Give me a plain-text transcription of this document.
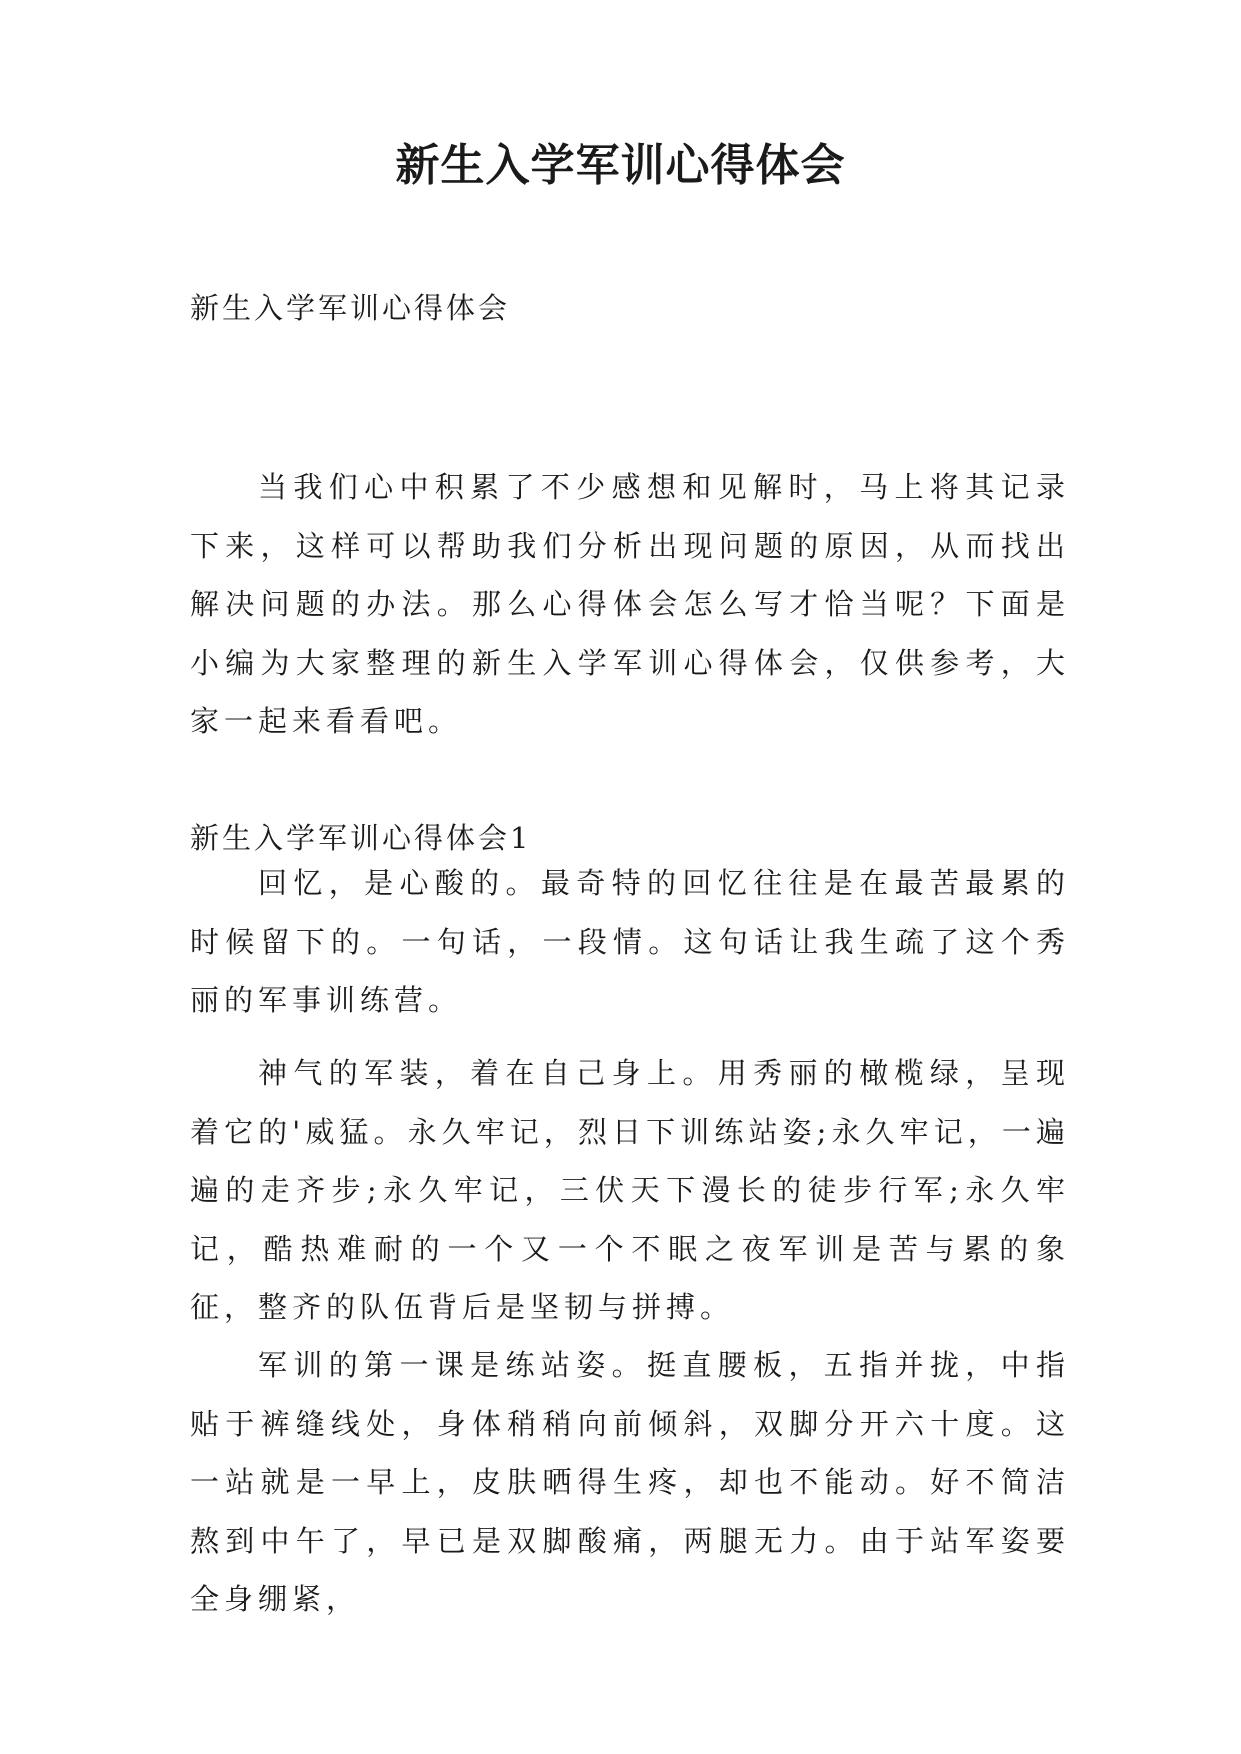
新生入学军训心得体会

新生入学军训心得体会

当我们心中积累了不少感想和见解时，马上将其记录下来，这样可以帮助我们分析出现问题的原因，从而找出解决问题的办法。那么心得体会怎么写才恰当呢？下面是小编为大家整理的新生入学军训心得体会，仅供参考，大家一起来看看吧。

新生入学军训心得体会1

回忆，是心酸的。最奇特的回忆往往是在最苦最累的时候留下的。一句话，一段情。这句话让我生疏了这个秀丽的军事训练营。

神气的军装，着在自己身上。用秀丽的橄榄绿，呈现着它的'威猛。永久牢记，烈日下训练站姿;永久牢记，一遍遍的走齐步;永久牢记，三伏天下漫长的徒步行军;永久牢记，酷热难耐的一个又一个不眠之夜军训是苦与累的象征，整齐的队伍背后是坚韧与拼搏。

军训的第一课是练站姿。挺直腰板，五指并拢，中指贴于裤缝线处，身体稍稍向前倾斜，双脚分开六十度。这一站就是一早上，皮肤晒得生疼，却也不能动。好不简洁熬到中午了，早已是双脚酸痛，两腿无力。由于站军姿要全身绷紧，
